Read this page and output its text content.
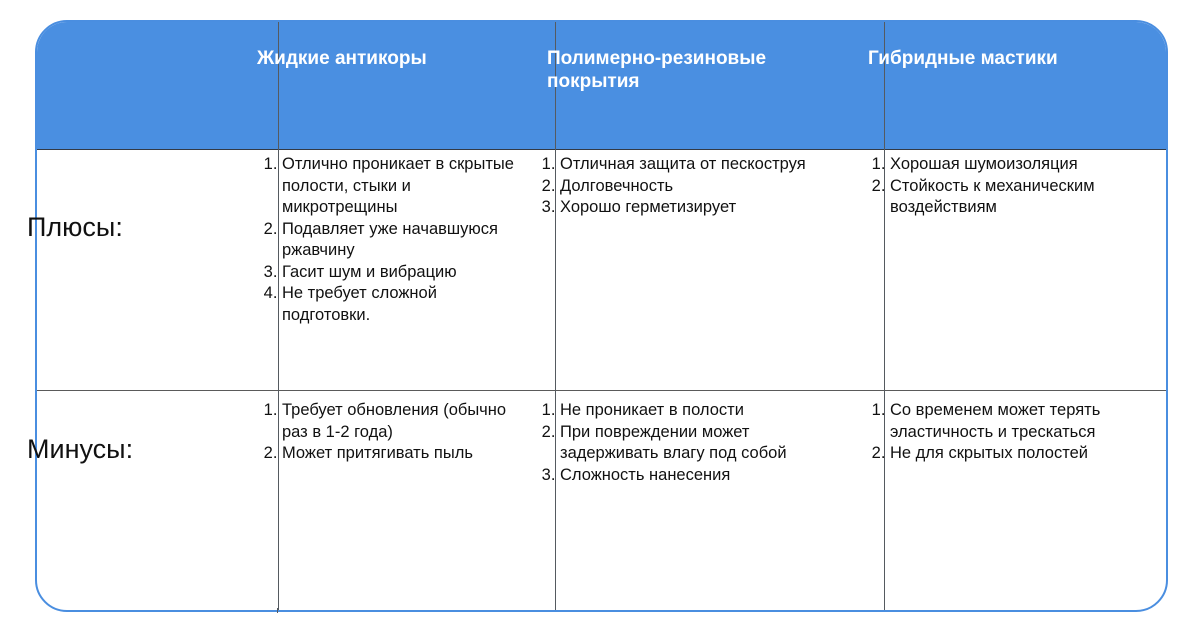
Жидкие антикоры	Полимерно-резиновые покрытия
Гибридные мастики
Плюсы:
Минусы:
1. Отлично проникает в скрытые полости, стыки и микротрещины
2. Подавляет уже начавшуюся ржавчину
3. Гасит шум и вибрацию
4. Не требует сложной подготовки.
1. Отличная защита от пескоструя
2. Долговечность
3. Хорошо герметизирует
1. Хорошая шумоизоляция
2. Стойкость к механическим воздействиям
1. Требует обновления (обычно раз в 1-2 года)
2. Может притягивать пыль
1. Не проникает в полости
2. При повреждении может задерживать влагу под собой
3. Сложность нанесения
1. Со временем может терять эластичность и трескаться
2. Не для скрытых полостей
